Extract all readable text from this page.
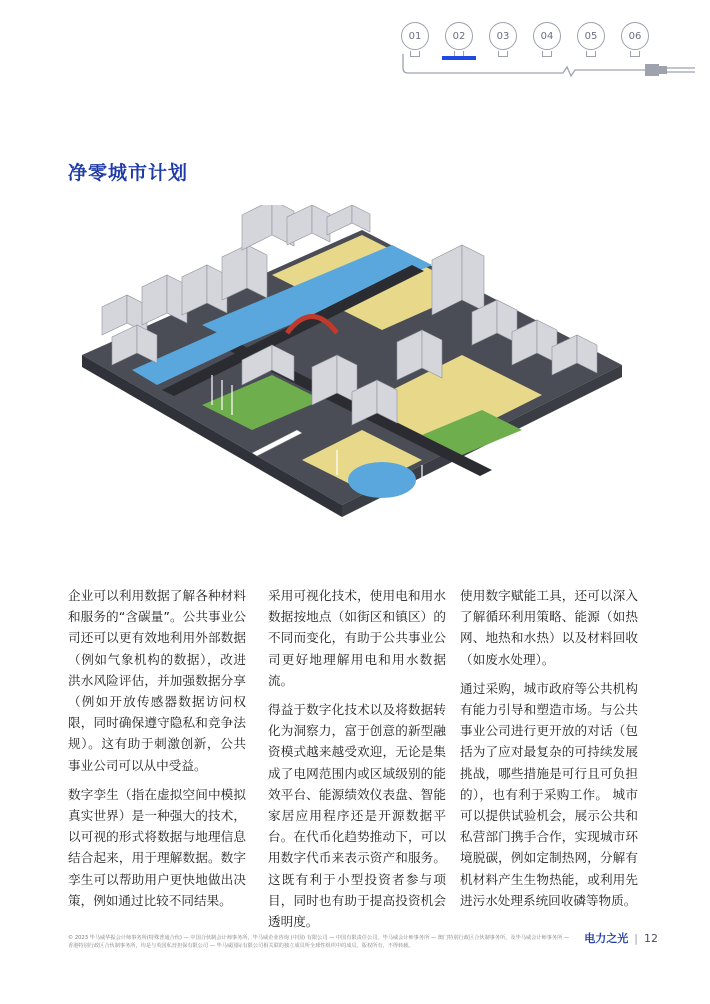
01	02	03	04	05	06
净零城市计划

企业可以利用数据了解各种材料和服务的“含碳量”。公共事业公司还可以更有效地利用外部数据（例如气象机构的数据），改进洪水风险评估，并加强数据分享（例如开放传感器数据访问权限，同时确保遵守隐私和竞争法规）。这有助于刺激创新，公共事业公司可以从中受益。

数字孪生（指在虚拟空间中模拟真实世界）是一种强大的技术，以可视的形式将数据与地理信息结合起来，用于理解数据。数字孪生可以帮助用户更快地做出决策，例如通过比较不同结果。

采用可视化技术，使用电和用水数据按地点（如街区和镇区）的不同而变化，有助于公共事业公司更好地理解用电和用水数据流。

得益于数字化技术以及将数据转化为洞察力，富于创意的新型融资模式越来越受欢迎，无论是集成了电网范围内或区域级别的能效平台、能源绩效仪表盘、智能家居应用程序还是开源数据平台。在代币化趋势推动下，可以用数字代币来表示资产和服务。这既有利于小型投资者参与项目，同时也有助于提高投资机会透明度。

使用数字赋能工具，还可以深入了解循环利用策略、能源（如热网、地热和水热）以及材料回收（如废水处理）。

通过采购，城市政府等公共机构有能力引导和塑造市场。与公共事业公司进行更开放的对话（包括为了应对最复杂的可持续发展挑战，哪些措施是可行且可负担的），也有利于采购工作。 城市可以提供试验机会，展示公共和私营部门携手合作，实现城市环境脱碳，例如定制热网，分解有机材料产生生物热能，或利用先进污水处理系统回收磷等物质。

© 2023 毕马威华振会计师事务所(特殊普通合伙) — 中国合伙制会计师事务所，毕马威企业咨询 (中国) 有限公司 — 中国有限责任公司，毕马威会计师事务所 — 澳门特别行政区合伙制事务所，及毕马威会计师事务所 — 香港特别行政区合伙制事务所，均是与英国私营担保有限公司 — 毕马威国际有限公司相关联的独立成员所全球性组织中的成员。版权所有，不得转载。
电力之光 | 12
